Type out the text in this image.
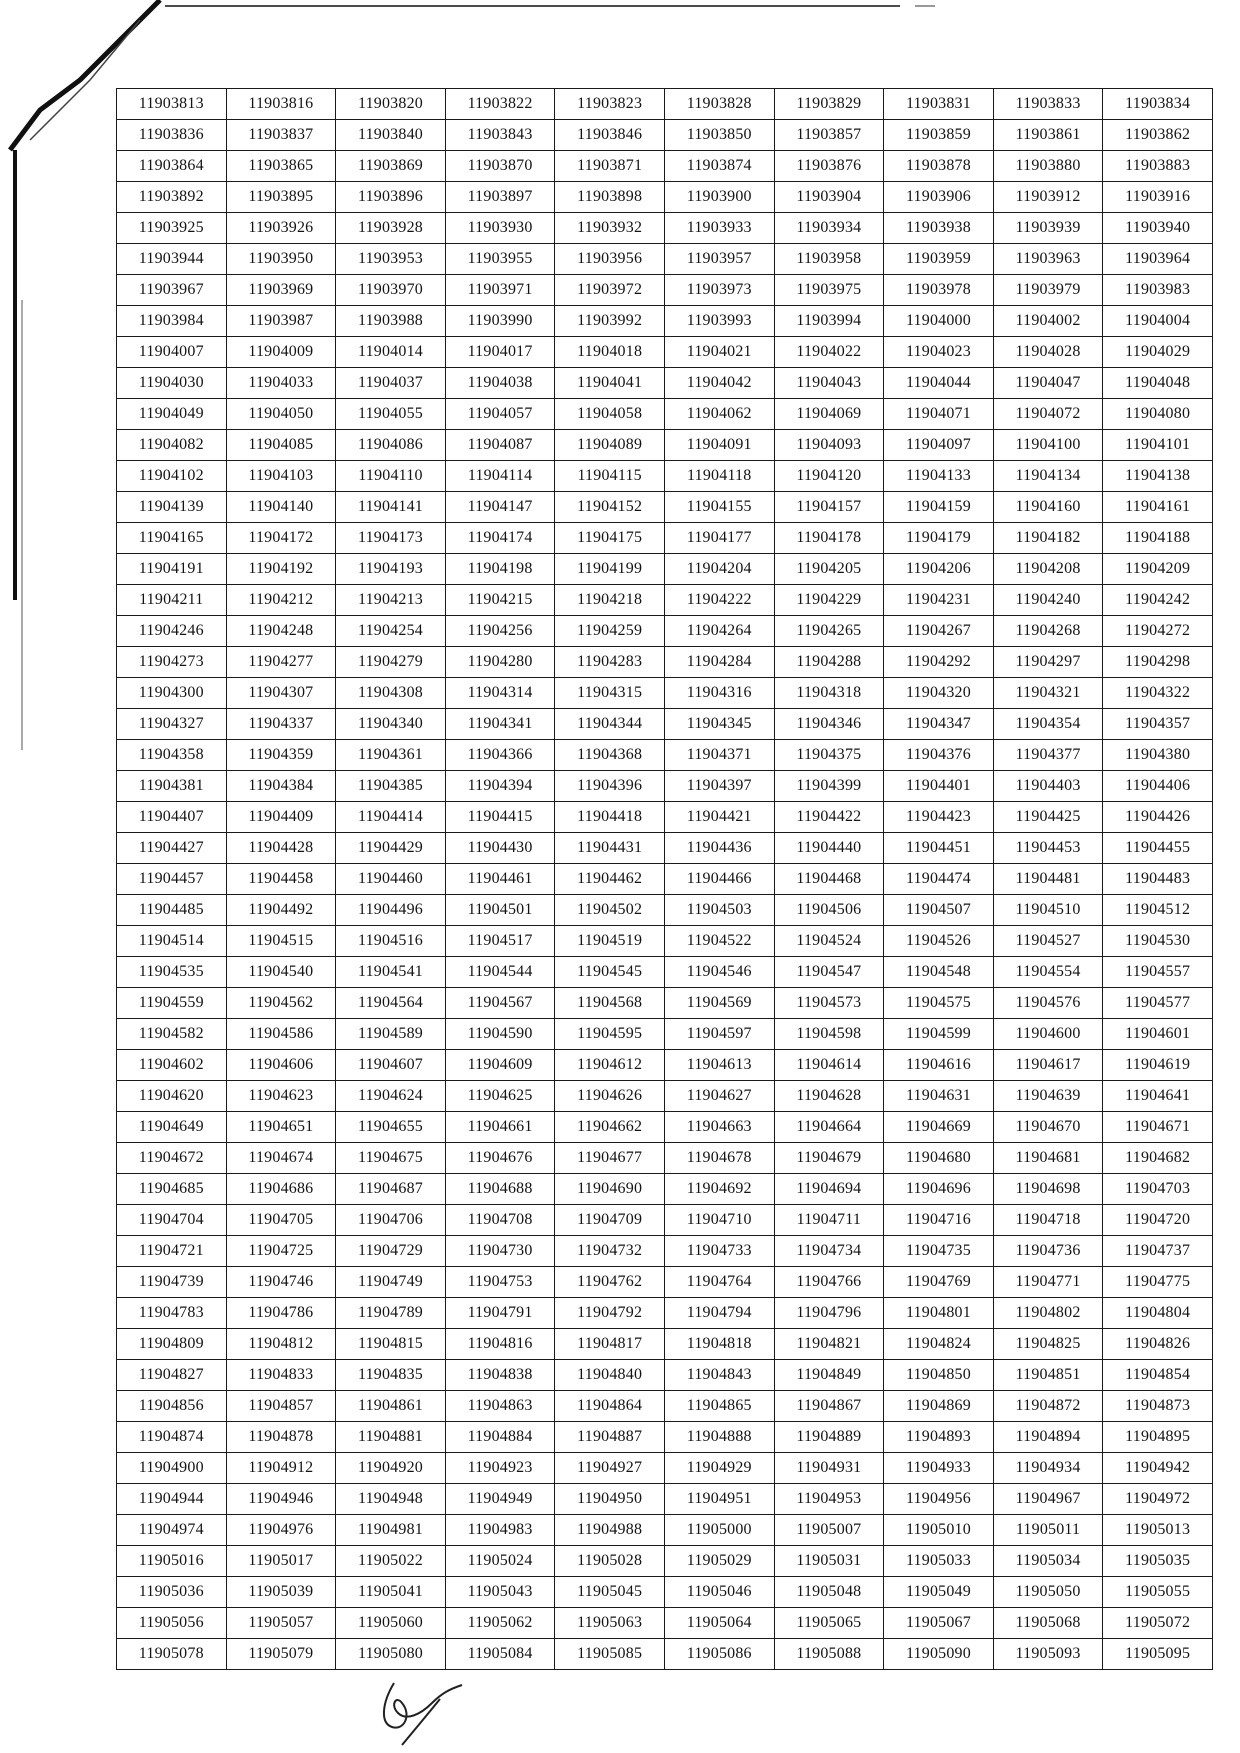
11903813	11903816	11903820	11903822	11903823	11903828	11903829	11903831	11903833	11903834
11903836	11903837	11903840	11903843	11903846	11903850	11903857	11903859	11903861	11903862
11903864	11903865	11903869	11903870	11903871	11903874	11903876	11903878	11903880	11903883
11903892	11903895	11903896	11903897	11903898	11903900	11903904	11903906	11903912	11903916
11903925	11903926	11903928	11903930	11903932	11903933	11903934	11903938	11903939	11903940
11903944	11903950	11903953	11903955	11903956	11903957	11903958	11903959	11903963	11903964
11903967	11903969	11903970	11903971	11903972	11903973	11903975	11903978	11903979	11903983
11903984	11903987	11903988	11903990	11903992	11903993	11903994	11904000	11904002	11904004
11904007	11904009	11904014	11904017	11904018	11904021	11904022	11904023	11904028	11904029
11904030	11904033	11904037	11904038	11904041	11904042	11904043	11904044	11904047	11904048
11904049	11904050	11904055	11904057	11904058	11904062	11904069	11904071	11904072	11904080
11904082	11904085	11904086	11904087	11904089	11904091	11904093	11904097	11904100	11904101
11904102	11904103	11904110	11904114	11904115	11904118	11904120	11904133	11904134	11904138
11904139	11904140	11904141	11904147	11904152	11904155	11904157	11904159	11904160	11904161
11904165	11904172	11904173	11904174	11904175	11904177	11904178	11904179	11904182	11904188
11904191	11904192	11904193	11904198	11904199	11904204	11904205	11904206	11904208	11904209
11904211	11904212	11904213	11904215	11904218	11904222	11904229	11904231	11904240	11904242
11904246	11904248	11904254	11904256	11904259	11904264	11904265	11904267	11904268	11904272
11904273	11904277	11904279	11904280	11904283	11904284	11904288	11904292	11904297	11904298
11904300	11904307	11904308	11904314	11904315	11904316	11904318	11904320	11904321	11904322
11904327	11904337	11904340	11904341	11904344	11904345	11904346	11904347	11904354	11904357
11904358	11904359	11904361	11904366	11904368	11904371	11904375	11904376	11904377	11904380
11904381	11904384	11904385	11904394	11904396	11904397	11904399	11904401	11904403	11904406
11904407	11904409	11904414	11904415	11904418	11904421	11904422	11904423	11904425	11904426
11904427	11904428	11904429	11904430	11904431	11904436	11904440	11904451	11904453	11904455
11904457	11904458	11904460	11904461	11904462	11904466	11904468	11904474	11904481	11904483
11904485	11904492	11904496	11904501	11904502	11904503	11904506	11904507	11904510	11904512
11904514	11904515	11904516	11904517	11904519	11904522	11904524	11904526	11904527	11904530
11904535	11904540	11904541	11904544	11904545	11904546	11904547	11904548	11904554	11904557
11904559	11904562	11904564	11904567	11904568	11904569	11904573	11904575	11904576	11904577
11904582	11904586	11904589	11904590	11904595	11904597	11904598	11904599	11904600	11904601
11904602	11904606	11904607	11904609	11904612	11904613	11904614	11904616	11904617	11904619
11904620	11904623	11904624	11904625	11904626	11904627	11904628	11904631	11904639	11904641
11904649	11904651	11904655	11904661	11904662	11904663	11904664	11904669	11904670	11904671
11904672	11904674	11904675	11904676	11904677	11904678	11904679	11904680	11904681	11904682
11904685	11904686	11904687	11904688	11904690	11904692	11904694	11904696	11904698	11904703
11904704	11904705	11904706	11904708	11904709	11904710	11904711	11904716	11904718	11904720
11904721	11904725	11904729	11904730	11904732	11904733	11904734	11904735	11904736	11904737
11904739	11904746	11904749	11904753	11904762	11904764	11904766	11904769	11904771	11904775
11904783	11904786	11904789	11904791	11904792	11904794	11904796	11904801	11904802	11904804
11904809	11904812	11904815	11904816	11904817	11904818	11904821	11904824	11904825	11904826
11904827	11904833	11904835	11904838	11904840	11904843	11904849	11904850	11904851	11904854
11904856	11904857	11904861	11904863	11904864	11904865	11904867	11904869	11904872	11904873
11904874	11904878	11904881	11904884	11904887	11904888	11904889	11904893	11904894	11904895
11904900	11904912	11904920	11904923	11904927	11904929	11904931	11904933	11904934	11904942
11904944	11904946	11904948	11904949	11904950	11904951	11904953	11904956	11904967	11904972
11904974	11904976	11904981	11904983	11904988	11905000	11905007	11905010	11905011	11905013
11905016	11905017	11905022	11905024	11905028	11905029	11905031	11905033	11905034	11905035
11905036	11905039	11905041	11905043	11905045	11905046	11905048	11905049	11905050	11905055
11905056	11905057	11905060	11905062	11905063	11905064	11905065	11905067	11905068	11905072
11905078	11905079	11905080	11905084	11905085	11905086	11905088	11905090	11905093	11905095
